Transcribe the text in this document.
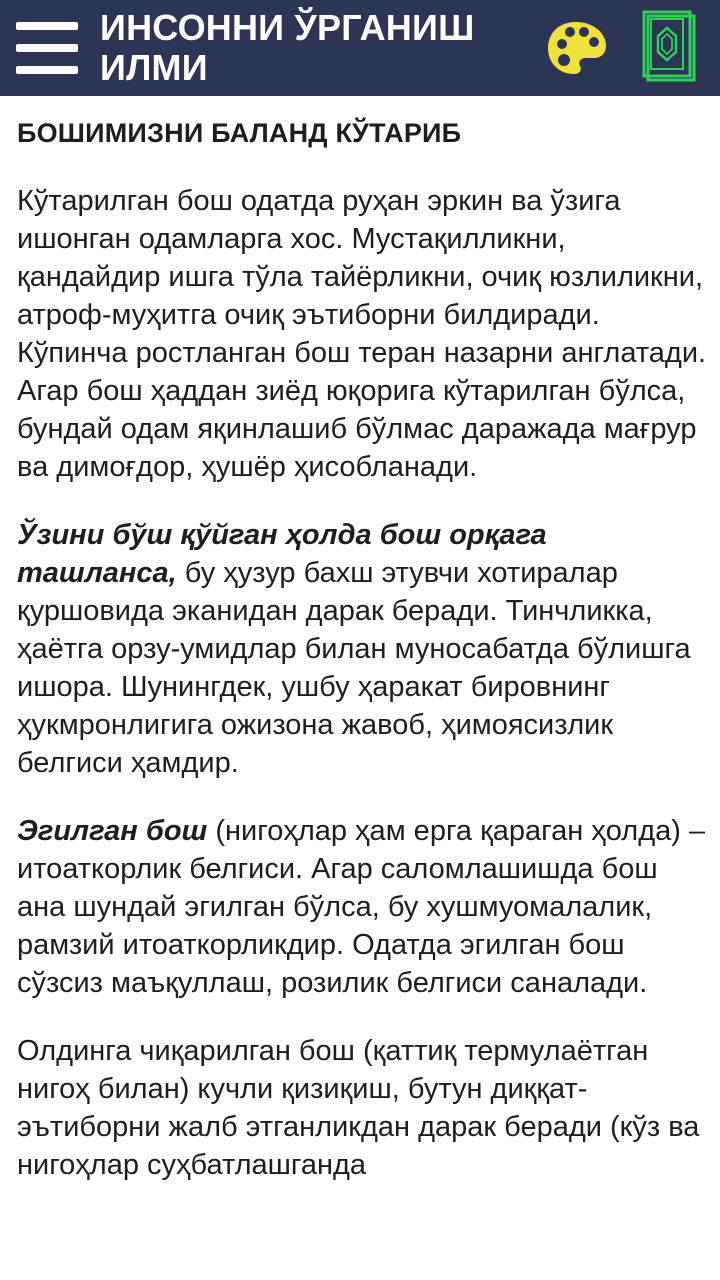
ИНСОННИ ЎРГАНИШ ИЛМИ
БОШИМИЗНИ БАЛАНД КЎТАРИБ

Кўтарилган бош одатда руҳан эркин ва ўзига ишонган одамларга хос. Мустақилликни, қандайдир ишга тўла тайёрликни, очиқ юзлиликни, атроф-муҳитга очиқ эътиборни билдиради. Кўпинча ростланган бош теран назарни англатади. Агар бош ҳаддан зиёд юқорига кўтарилган бўлса, бундай одам яқинлашиб бўлмас даражада мағрур ва димоғдор, ҳушёр ҳисобланади.

Ўзини бўш қўйган ҳолда бош орқага ташланса, бу ҳузур бахш этувчи хотиралар қуршовида эканидан дарак беради. Тинчликка, ҳаётга орзу-умидлар билан муносабатда бўлишга ишора. Шунингдек, ушбу ҳаракат бировнинг ҳукмронлигига ожизона жавоб, ҳимоясизлик белгиси ҳамдир.

Эгилган бош (нигоҳлар ҳам ерга қараган ҳолда) – итоаткорлик белгиси. Агар саломлашишда бош ана шундай эгилган бўлса, бу хушмуомалалик, рамзий итоаткорликдир. Одатда эгилган бош сўзсиз маъқуллаш, розилик белгиси саналади.

Олдинга чиқарилган бош (қаттиқ термулаётган нигоҳ билан) кучли қизиқиш, бутун диққат-эътиборни жалб этганликдан дарак беради (кўз ва нигоҳлар суҳбатлашганда
